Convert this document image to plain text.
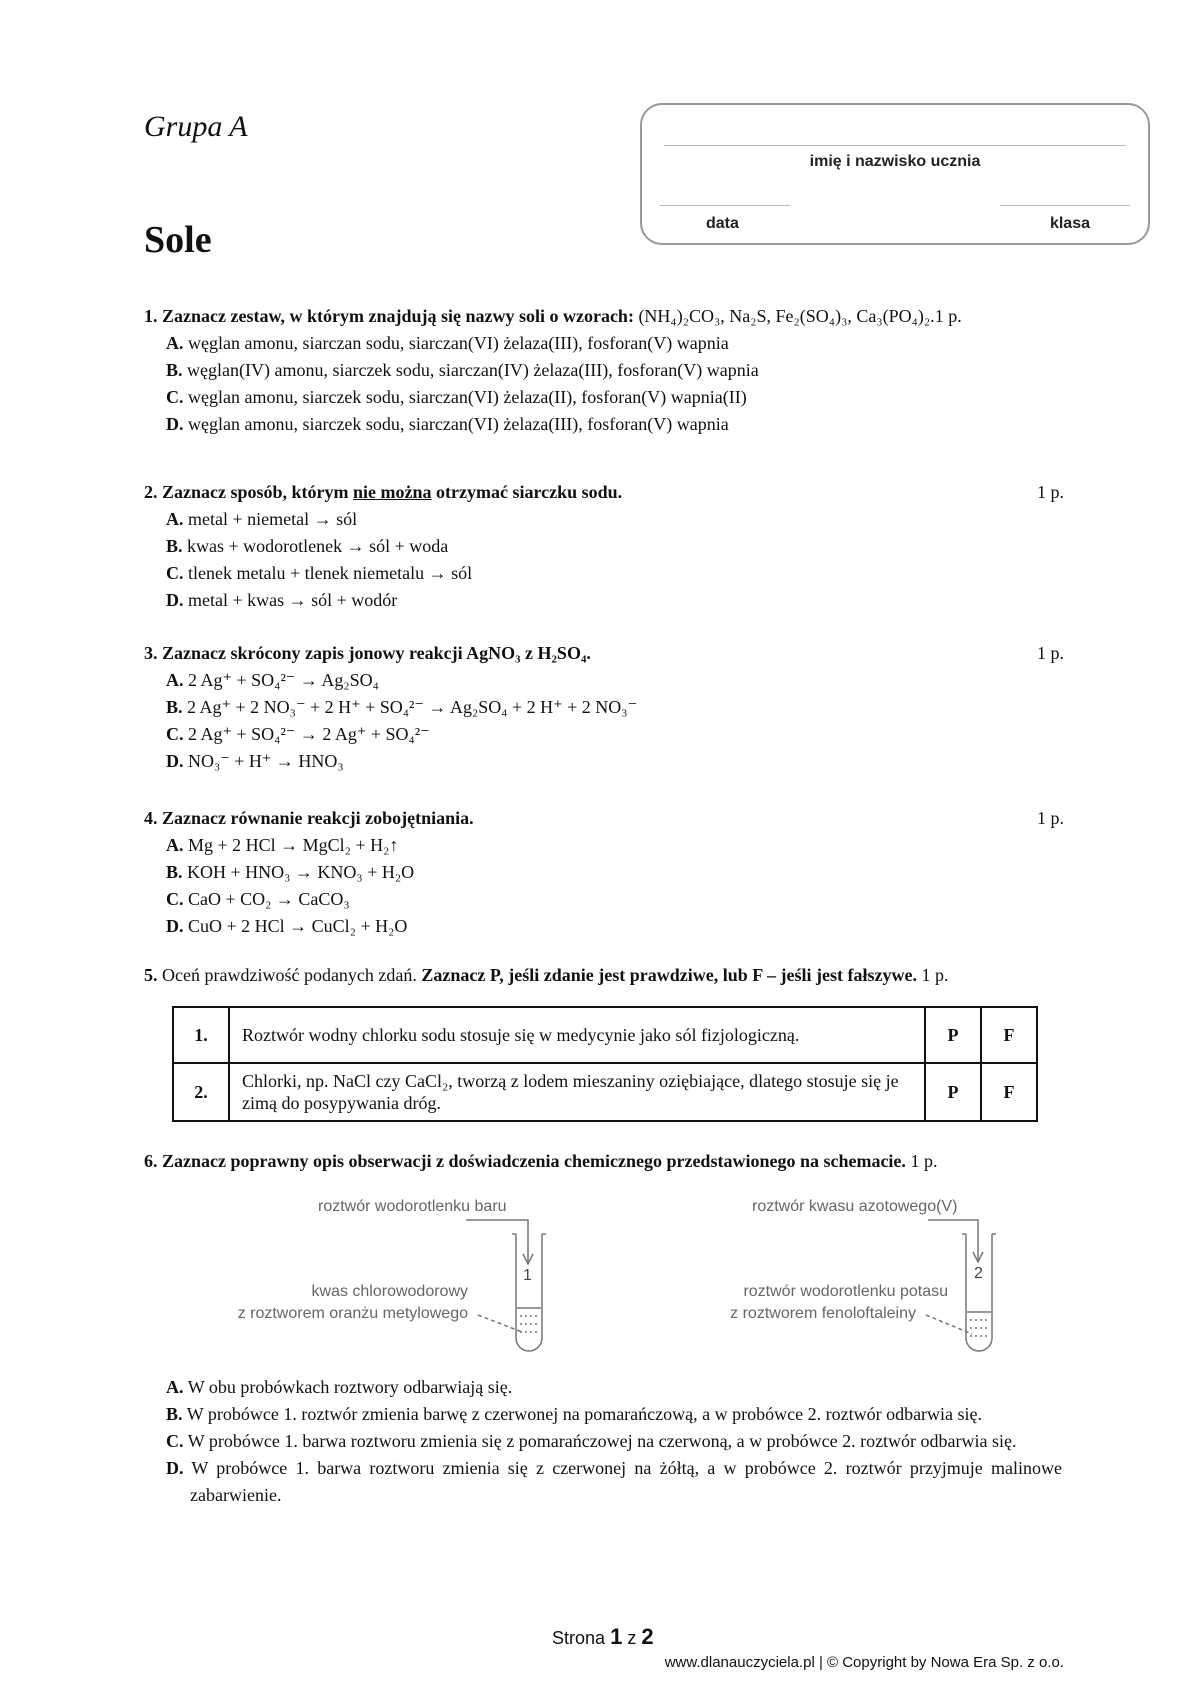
Grupa A
Sole
imię i nazwisko ucznia
data	klasa
1. Zaznacz zestaw, w którym znajdują się nazwy soli o wzorach: (NH₄)₂CO₃, Na₂S, Fe₂(SO₄)₃, Ca₃(PO₄)₂.1 p.
A. węglan amonu, siarczan sodu, siarczan(VI) żelaza(III), fosforan(V) wapnia
B. węglan(IV) amonu, siarczek sodu, siarczan(IV) żelaza(III), fosforan(V) wapnia
C. węglan amonu, siarczek sodu, siarczan(VI) żelaza(II), fosforan(V) wapnia(II)
D. węglan amonu, siarczek sodu, siarczan(VI) żelaza(III), fosforan(V) wapnia
2. Zaznacz sposób, którym nie można otrzymać siarczku sodu.	1 p.
A. metal + niemetal → sól
B. kwas + wodorotlenek → sól + woda
C. tlenek metalu + tlenek niemetalu → sól
D. metal + kwas → sól + wodór
3. Zaznacz skrócony zapis jonowy reakcji AgNO₃ z H₂SO₄.	1 p.
A. 2 Ag⁺ + SO₄²⁻ → Ag₂SO₄
B. 2 Ag⁺ + 2 NO₃⁻ + 2 H⁺ + SO₄²⁻ → Ag₂SO₄ + 2 H⁺ + 2 NO₃⁻
C. 2 Ag⁺ + SO₄²⁻ → 2 Ag⁺ + SO₄²⁻
D. NO₃⁻ + H⁺ → HNO₃
4. Zaznacz równanie reakcji zobojętniania.	1 p.
A. Mg + 2 HCl → MgCl₂ + H₂↑
B. KOH + HNO₃ → KNO₃ + H₂O
C. CaO + CO₂ → CaCO₃
D. CuO + 2 HCl → CuCl₂ + H₂O
5. Oceń prawdziwość podanych zdań. Zaznacz P, jeśli zdanie jest prawdziwe, lub F – jeśli jest fałszywe. 1 p.
1.	Roztwór wodny chlorku sodu stosuje się w medycynie jako sól fizjologiczną.	P	F
2.	Chlorki, np. NaCl czy CaCl₂, tworzą z lodem mieszaniny oziębiające, dlatego stosuje się je zimą do posypywania dróg.	P	F
6. Zaznacz poprawny opis obserwacji z doświadczenia chemicznego przedstawionego na schemacie. 1 p.
roztwór wodorotlenku baru
kwas chlorowodorowy
z roztworem oranżu metylowego
1
roztwór kwasu azotowego(V)
roztwór wodorotlenku potasu
z roztworem fenoloftaleiny
2
A. W obu probówkach roztwory odbarwiają się.
B. W probówce 1. roztwór zmienia barwę z czerwonej na pomarańczową, a w probówce 2. roztwór odbarwia się.
C. W probówce 1. barwa roztworu zmienia się z pomarańczowej na czerwoną, a w probówce 2. roztwór odbarwia się.
D. W probówce 1. barwa roztworu zmienia się z czerwonej na żółtą, a w probówce 2. roztwór przyjmuje malinowe zabarwienie.
Strona 1 z 2
www.dlanauczyciela.pl | © Copyright by Nowa Era Sp. z o.o.
